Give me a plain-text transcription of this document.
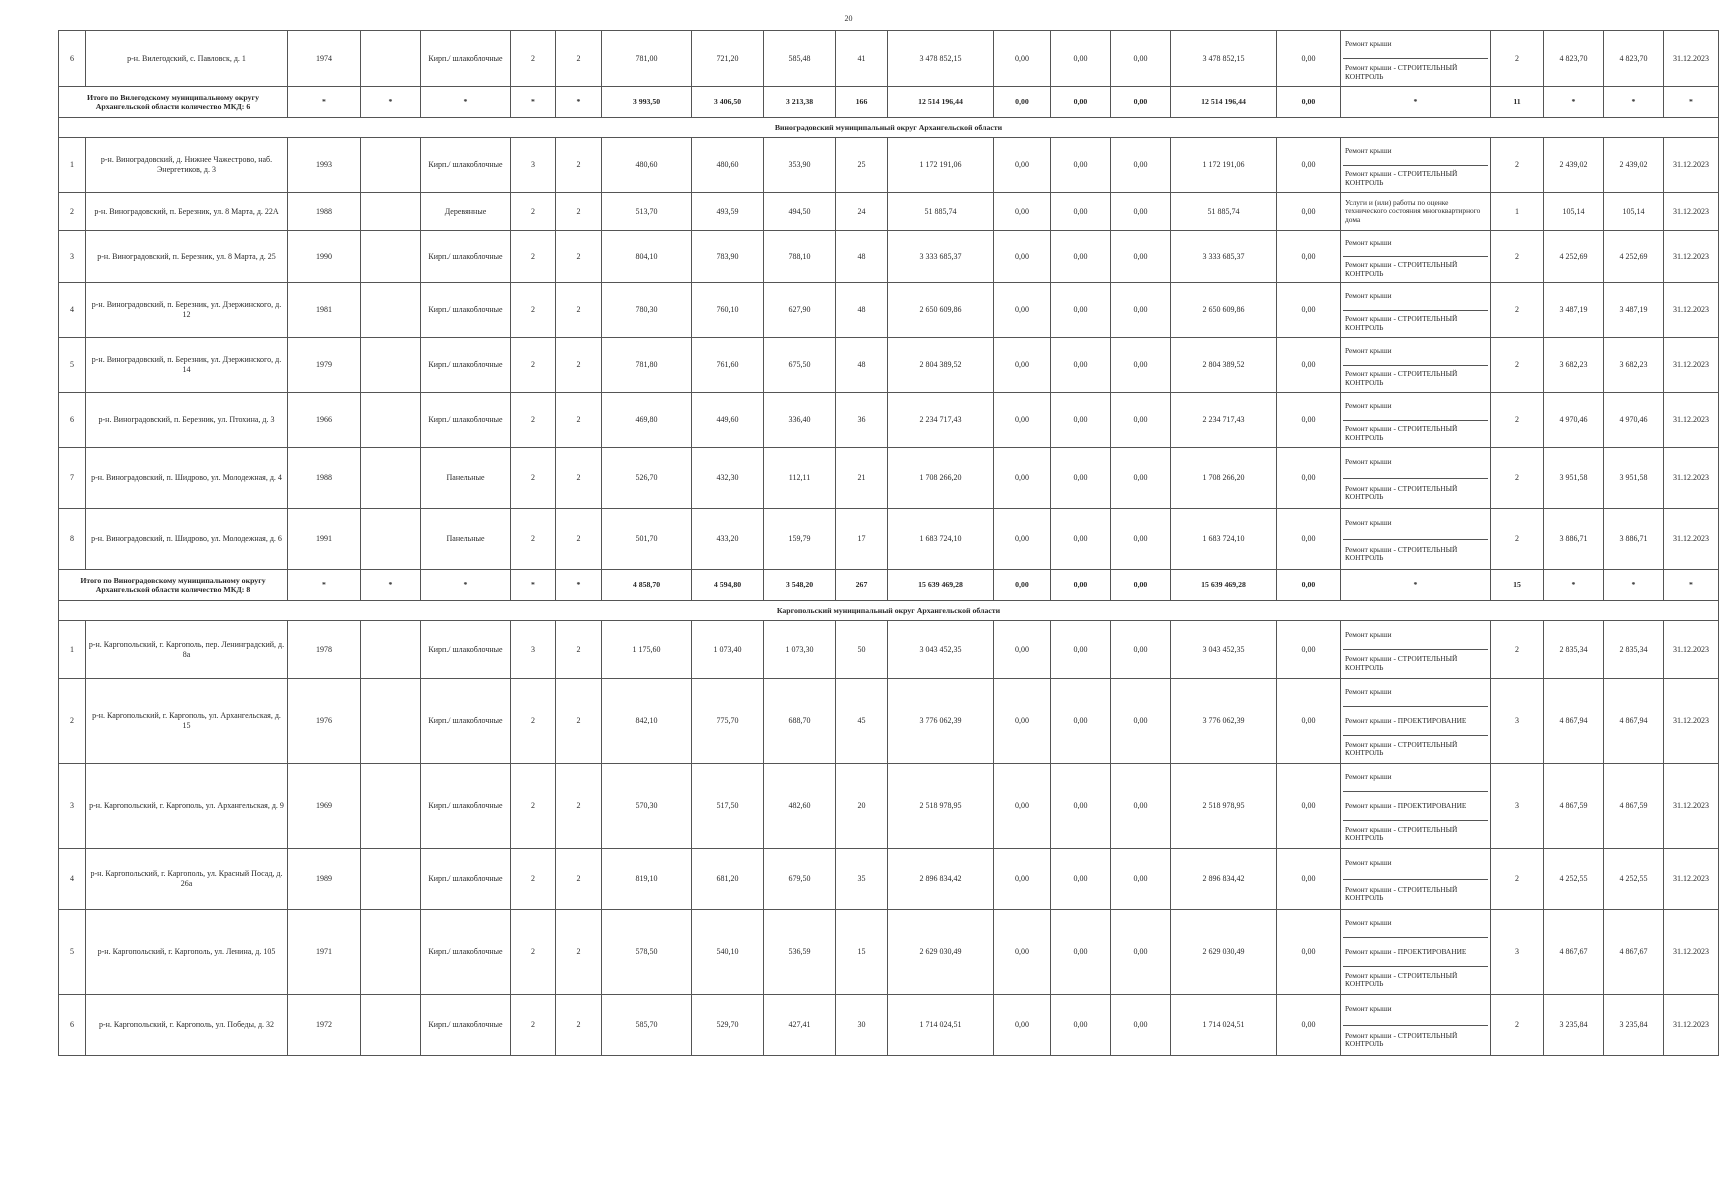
20
6	р-н. Вилегодский, с. Павловск, д. 1	1974		Кирп./ шлакоблочные	2	2	781,00	721,20	585,48	41	3 478 852,15	0,00	0,00	0,00	3 478 852,15	0,00	Ремонт крыши
Ремонт крыши - СТРОИТЕЛЬНЫЙ КОНТРОЛЬ	2	4 823,70	4 823,70	31.12.2023
Итого по Вилегодскому муниципальному округу Архангельской области количество МКД: 6		*	*	*	*	*	3 993,50	3 406,50	3 213,38	166	12 514 196,44	0,00	0,00	0,00	12 514 196,44	0,00	*	11	*	*	*
Виноградовский муниципальный округ Архангельской области																					
1	р-н. Виноградовский, д. Нижнее Чажестрово, наб. Энергетиков, д. 3	1993		Кирп./ шлакоблочные	3	2	480,60	480,60	353,90	25	1 172 191,06	0,00	0,00	0,00	1 172 191,06	0,00	Ремонт крыши
Ремонт крыши - СТРОИТЕЛЬНЫЙ КОНТРОЛЬ	2	2 439,02	2 439,02	31.12.2023
2	р-н. Виноградовский, п. Березник, ул. 8 Марта, д. 22А	1988		Деревянные	2	2	513,70	493,59	494,50	24	51 885,74	0,00	0,00	0,00	51 885,74	0,00	Услуги и (или) работы по оценке технического состояния многоквартирного дома	1	105,14	105,14	31.12.2023
3	р-н. Виноградовский, п. Березник, ул. 8 Марта, д. 25	1990		Кирп./ шлакоблочные	2	2	804,10	783,90	788,10	48	3 333 685,37	0,00	0,00	0,00	3 333 685,37	0,00	Ремонт крыши
Ремонт крыши - СТРОИТЕЛЬНЫЙ КОНТРОЛЬ	2	4 252,69	4 252,69	31.12.2023
4	р-н. Виноградовский, п. Березник, ул. Дзержинского, д. 12	1981		Кирп./ шлакоблочные	2	2	780,30	760,10	627,90	48	2 650 609,86	0,00	0,00	0,00	2 650 609,86	0,00	Ремонт крыши
Ремонт крыши - СТРОИТЕЛЬНЫЙ КОНТРОЛЬ	2	3 487,19	3 487,19	31.12.2023
5	р-н. Виноградовский, п. Березник, ул. Дзержинского, д. 14	1979		Кирп./ шлакоблочные	2	2	781,80	761,60	675,50	48	2 804 389,52	0,00	0,00	0,00	2 804 389,52	0,00	Ремонт крыши
Ремонт крыши - СТРОИТЕЛЬНЫЙ КОНТРОЛЬ	2	3 682,23	3 682,23	31.12.2023
6	р-н. Виноградовский, п. Березник, ул. Птохина, д. 3	1966		Кирп./ шлакоблочные	2	2	469,80	449,60	336,40	36	2 234 717,43	0,00	0,00	0,00	2 234 717,43	0,00	Ремонт крыши
Ремонт крыши - СТРОИТЕЛЬНЫЙ КОНТРОЛЬ	2	4 970,46	4 970,46	31.12.2023
7	р-н. Виноградовский, п. Шидрово, ул. Молодежная, д. 4	1988		Панельные	2	2	526,70	432,30	112,11	21	1 708 266,20	0,00	0,00	0,00	1 708 266,20	0,00	Ремонт крыши
Ремонт крыши - СТРОИТЕЛЬНЫЙ КОНТРОЛЬ	2	3 951,58	3 951,58	31.12.2023
8	р-н. Виноградовский, п. Шидрово, ул. Молодежная, д. 6	1991		Панельные	2	2	501,70	433,20	159,79	17	1 683 724,10	0,00	0,00	0,00	1 683 724,10	0,00	Ремонт крыши
Ремонт крыши - СТРОИТЕЛЬНЫЙ КОНТРОЛЬ	2	3 886,71	3 886,71	31.12.2023
Итого по Виноградовскому муниципальному округу Архангельской области количество МКД: 8		*	*	*	*	*	4 858,70	4 594,80	3 548,20	267	15 639 469,28	0,00	0,00	0,00	15 639 469,28	0,00	*	15	*	*	*
Каргопольский муниципальный округ Архангельской области																					
1	р-н. Каргопольский, г. Каргополь, пер. Ленинградский, д. 8а	1978		Кирп./ шлакоблочные	3	2	1 175,60	1 073,40	1 073,30	50	3 043 452,35	0,00	0,00	0,00	3 043 452,35	0,00	Ремонт крыши
Ремонт крыши - СТРОИТЕЛЬНЫЙ КОНТРОЛЬ	2	2 835,34	2 835,34	31.12.2023
2	р-н. Каргопольский, г. Каргополь, ул. Архангельская, д. 15	1976		Кирп./ шлакоблочные	2	2	842,10	775,70	688,70	45	3 776 062,39	0,00	0,00	0,00	3 776 062,39	0,00	Ремонт крыши
Ремонт крыши - ПРОЕКТИРОВАНИЕ
Ремонт крыши - СТРОИТЕЛЬНЫЙ КОНТРОЛЬ	3	4 867,94	4 867,94	31.12.2023
3	р-н. Каргопольский, г. Каргополь, ул. Архангельская, д. 9	1969		Кирп./ шлакоблочные	2	2	570,30	517,50	482,60	20	2 518 978,95	0,00	0,00	0,00	2 518 978,95	0,00	Ремонт крыши
Ремонт крыши - ПРОЕКТИРОВАНИЕ
Ремонт крыши - СТРОИТЕЛЬНЫЙ КОНТРОЛЬ	3	4 867,59	4 867,59	31.12.2023
4	р-н. Каргопольский, г. Каргополь, ул. Красный Посад, д. 26а	1989		Кирп./ шлакоблочные	2	2	819,10	681,20	679,50	35	2 896 834,42	0,00	0,00	0,00	2 896 834,42	0,00	Ремонт крыши
Ремонт крыши - СТРОИТЕЛЬНЫЙ КОНТРОЛЬ	2	4 252,55	4 252,55	31.12.2023
5	р-н. Каргопольский, г. Каргополь, ул. Ленина, д. 105	1971		Кирп./ шлакоблочные	2	2	578,50	540,10	536,59	15	2 629 030,49	0,00	0,00	0,00	2 629 030,49	0,00	Ремонт крыши
Ремонт крыши - ПРОЕКТИРОВАНИЕ
Ремонт крыши - СТРОИТЕЛЬНЫЙ КОНТРОЛЬ	3	4 867,67	4 867,67	31.12.2023
6	р-н. Каргопольский, г. Каргополь, ул. Победы, д. 32	1972		Кирп./ шлакоблочные	2	2	585,70	529,70	427,41	30	1 714 024,51	0,00	0,00	0,00	1 714 024,51	0,00	Ремонт крыши
Ремонт крыши - СТРОИТЕЛЬНЫЙ КОНТРОЛЬ	2	3 235,84	3 235,84	31.12.2023
